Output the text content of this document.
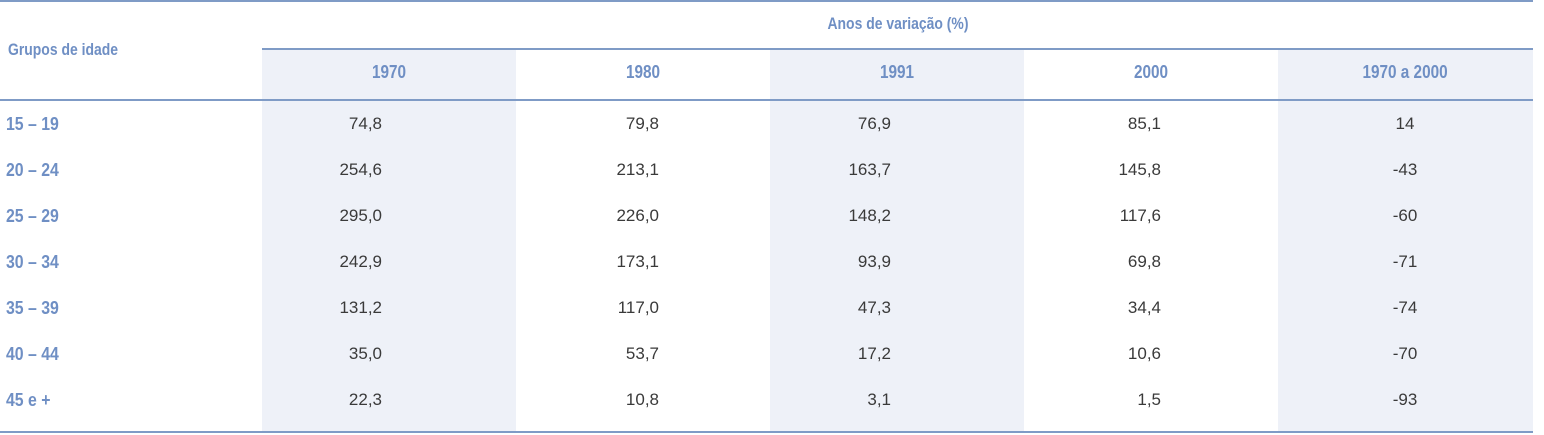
Grupos de idade
Anos de variação (%)
1970	1980	1991	2000	1970 a 2000
15 – 19	74,8	79,8	76,9	85,1	14
20 – 24	254,6	213,1	163,7	145,8	-43
25 – 29	295,0	226,0	148,2	117,6	-60
30 – 34	242,9	173,1	93,9	69,8	-71
35 – 39	131,2	117,0	47,3	34,4	-74
40 – 44	35,0	53,7	17,2	10,6	-70
45 e +	22,3	10,8	3,1	1,5	-93
